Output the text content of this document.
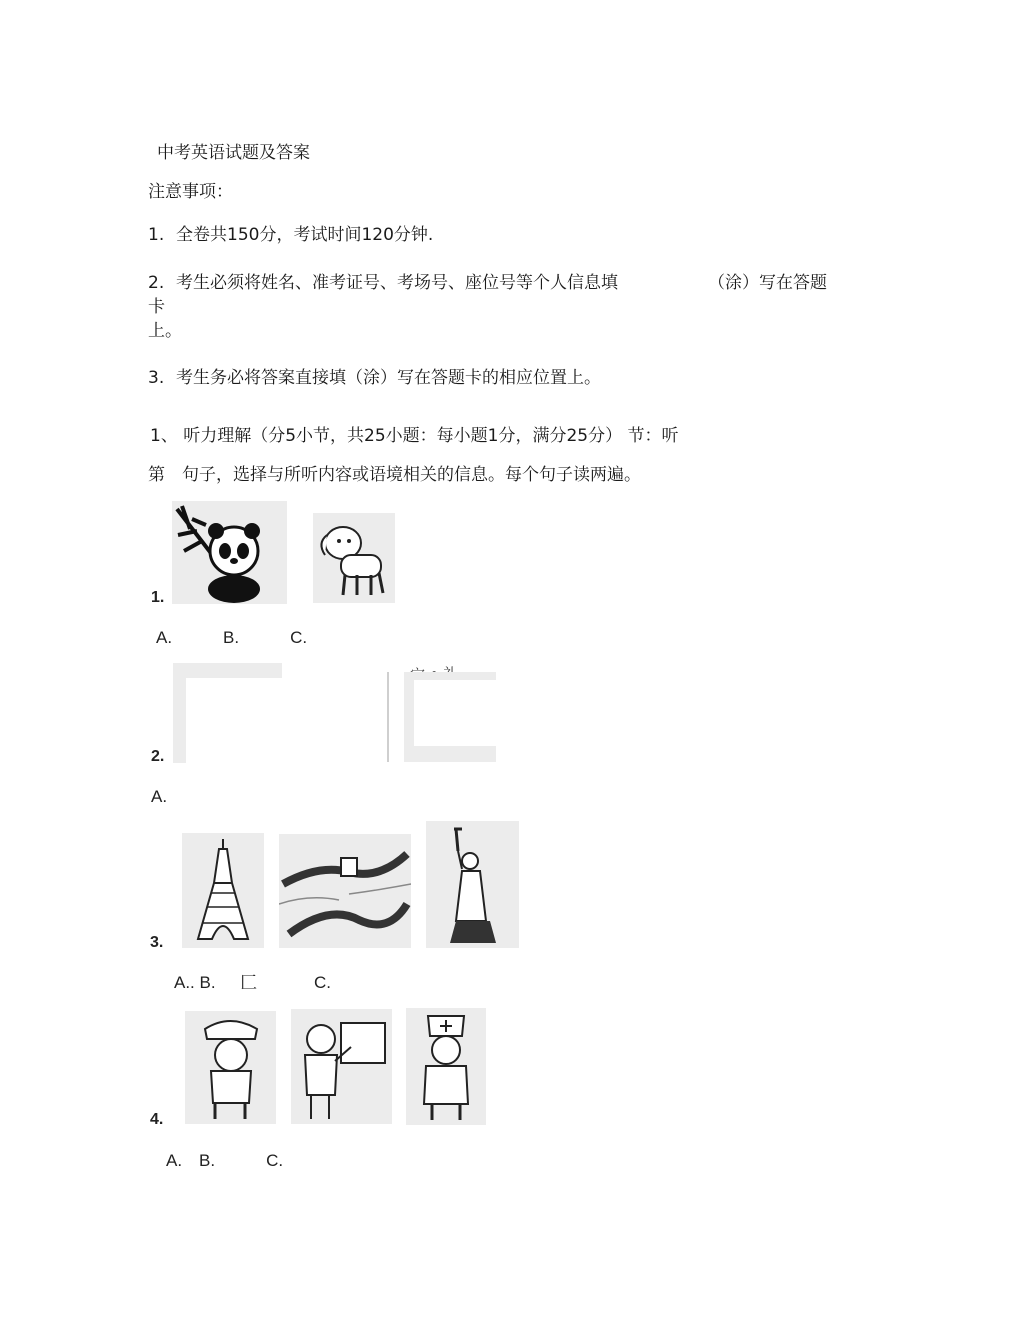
中考英语试题及答案
注意事项：
1. 全卷共150分，考试时间120分钟.
2. 考生必须将姓名、准考证号、考场号、座位号等个人信息填	（涂）写在答题
卡
上。
3. 考生务必将答案直接填（涂）写在答题卡的相应位置上。
1、 听力理解（分5小节，共25小题：每小题1分，满分25分） 节：听
第　句子，选择与所听内容或语境相关的信息。每个句子读两遍。
1.
A.　　　B.　　　C.
2.
A.
3.
A.. B. 匚	C.
4.
A.　B.　　　C.
